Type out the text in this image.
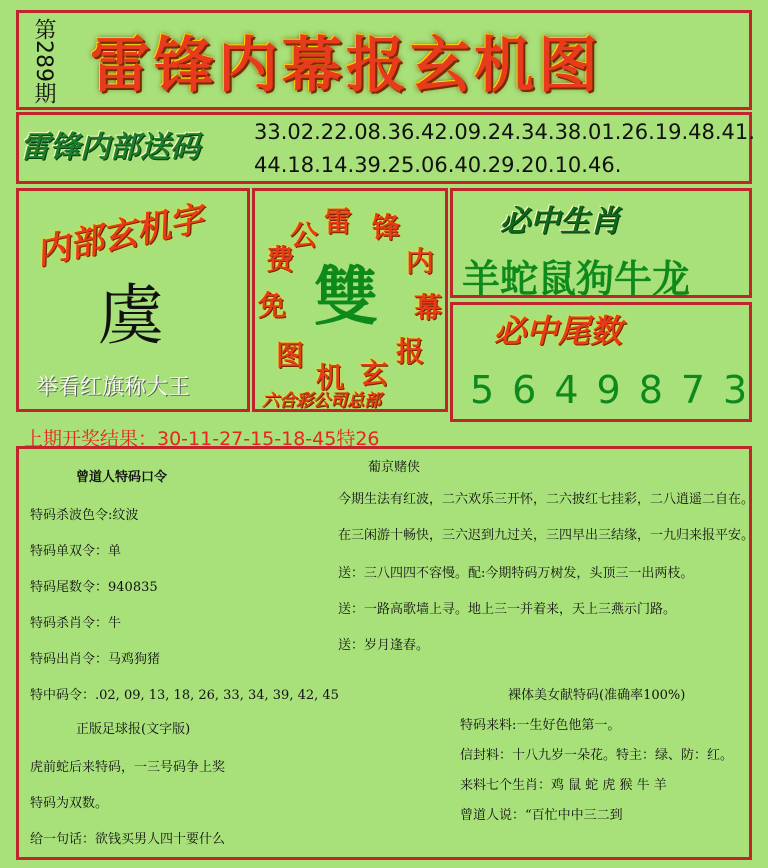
第289期 雷锋内幕报玄机图
雷锋内部送码	33.02.22.08.36.42.09.24.34.38.01.26.19.48.41.
44.18.14.39.25.06.40.29.20.10.46.
内部玄机字
虞
举看红旗称大王
雷 锋
内
幕
报
玄
机
图
免
费
公
雙
六合彩公司总部
必中生肖
羊蛇鼠狗牛龙
必中尾数
5649873
上期开奖结果：30-11-27-15-18-45特26
曾道人特码口令
特码杀波色令:纹波
特码单双令：单
特码尾数令：940835
特码杀肖令：牛
特码出肖令：马鸡狗猪
特中码令：.02, 09, 13, 18, 26, 33, 34, 39, 42, 45
正版足球报(文字版)
虎前蛇后来特码，一三号码争上奖
特码为双数。
给一句话：欲钱买男人四十要什么
葡京赌侠
今期生法有红波，二六欢乐三开怀，二六披红七挂彩，二八逍遥二自在。
在三闲游十畅快，三六迟到九过关，三四早出三结缘，一九归来报平安。
送：三八四四不容慢。配:今期特码万树发，头顶三一出两枝。
送：一路高歌墙上寻。地上三一并着来，天上三燕示门路。
送：岁月逢春。
裸体美女献特码(准确率100%)
特码来料:一生好色他第一。
信封料：十八九岁一朵花。特主：绿、防：红。
来料七个生肖：鸡 鼠 蛇 虎 猴 牛 羊
曾道人说：“百忙中中三二到
